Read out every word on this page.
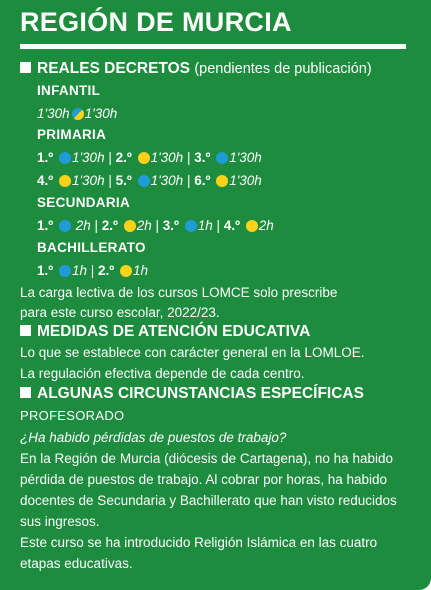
REGIÓN DE MURCIA
REALES DECRETOS (pendientes de publicación)
INFANTIL
1'30h 1'30h
PRIMARIA
1.º 1'30h | 2.º 1'30h | 3.º 1'30h
4.º 1'30h | 5.º 1'30h | 6.º 1'30h
SECUNDARIA
1.º 2h | 2.º 2h | 3.º 1h | 4.º 2h
BACHILLERATO
1.º 1h | 2.º 1h
La carga lectiva de los cursos LOMCE solo prescribe
para este curso escolar, 2022/23.
MEDIDAS DE ATENCIÓN EDUCATIVA
Lo que se establece con carácter general en la LOMLOE.
La regulación efectiva depende de cada centro.
ALGUNAS CIRCUNSTANCIAS ESPECÍFICAS
PROFESORADO
¿Ha habido pérdidas de puestos de trabajo?
En la Región de Murcia (diócesis de Cartagena), no ha habido
pérdida de puestos de trabajo. Al cobrar por horas, ha habido
docentes de Secundaria y Bachillerato que han visto reducidos
sus ingresos.
Este curso se ha introducido Religión Islámica en las cuatro
etapas educativas.
